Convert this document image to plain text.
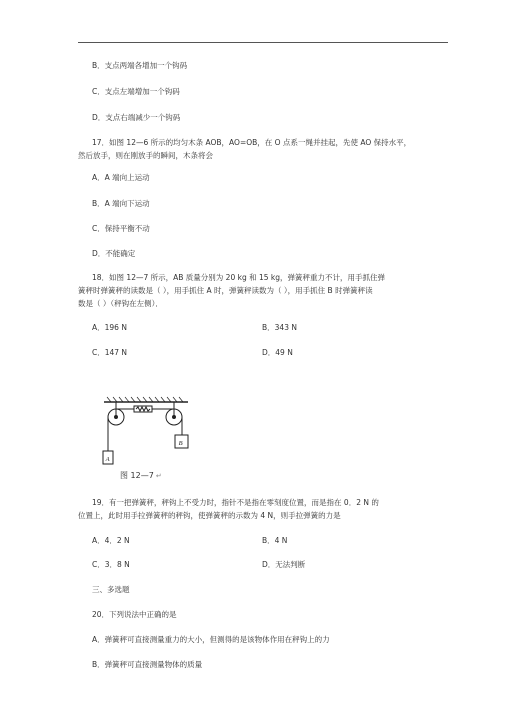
B．支点两端各增加一个钩码
C．支点左端增加一个钩码
D．支点右端减少一个钩码
17．如图 12—6 所示的均匀木条 AOB，AO=OB，在 O 点系一绳并挂起，先使 AO 保持水平，
然后放手，则在刚放手的瞬间，木条将会
A．A 端向上运动
B．A 端向下运动
C．保持平衡不动
D．不能确定
18．如图 12—7 所示，AB 质量分别为 20 kg 和 15 kg，弹簧秤重力不计，用手抓住弹
簧秤时弹簧秤的读数是（ ），用手抓住 A 时，弹簧秤读数为（ ），用手抓住 B 时弹簧秤读
数是（ ）（秤钩在左侧）．
A．196 N	B．343 N
C．147 N	D．49 N
A
B
图 12—7 ↵
19．有一把弹簧秤，秤钩上不受力时，指针不是指在零刻度位置，而是指在 0．2 N 的
位置上，此时用手拉弹簧秤的秤钩，使弹簧秤的示数为 4 N，则手拉弹簧的力是
A．4．2 N	B．4 N
C．3．8 N	D．无法判断
三、多选题
20．下列说法中正确的是
A．弹簧秤可直接测量重力的大小，但测得的是该物体作用在秤钩上的力
B．弹簧秤可直接测量物体的质量
